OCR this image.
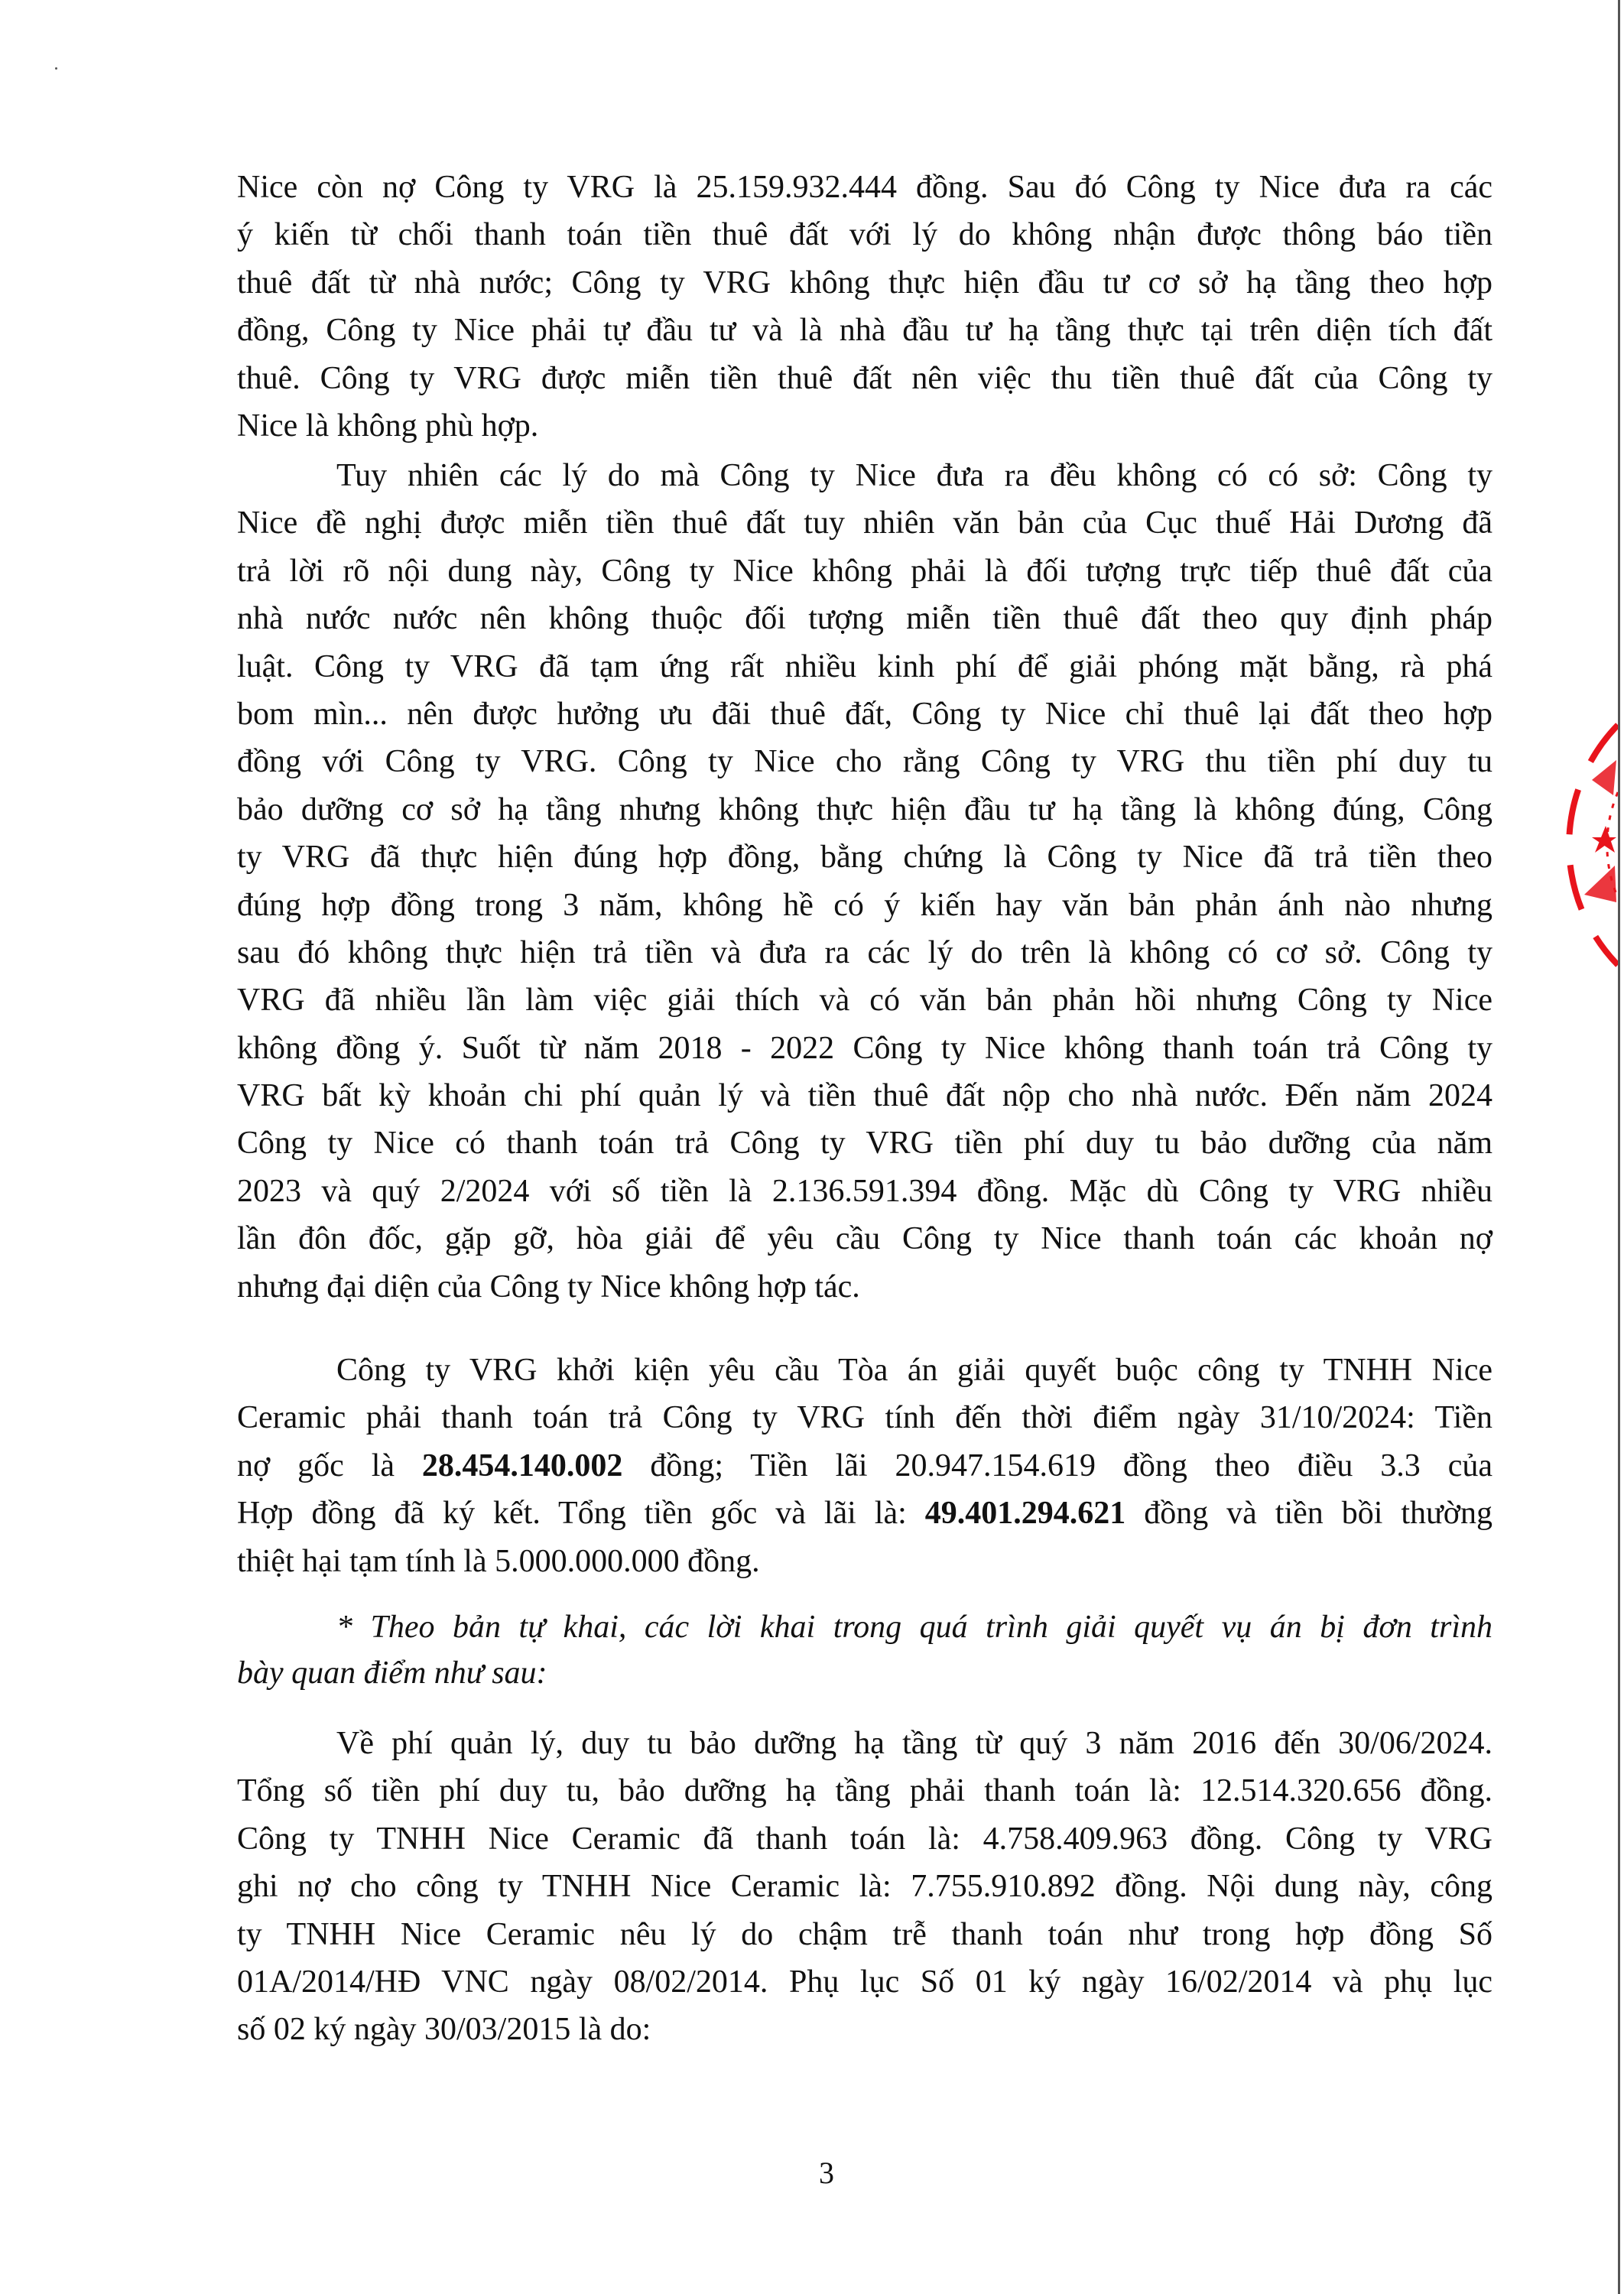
Nice còn nợ Công ty VRG là 25.159.932.444 đồng. Sau đó Công ty Nice đưa ra các
ý kiến từ chối thanh toán tiền thuê đất với lý do không nhận được thông báo tiền
thuê đất từ nhà nước; Công ty VRG không thực hiện đầu tư cơ sở hạ tầng theo hợp
đồng, Công ty Nice phải tự đầu tư và là nhà đầu tư hạ tầng thực tại trên diện tích đất
thuê. Công ty VRG được miễn tiền thuê đất nên việc thu tiền thuê đất của Công ty
Nice là không phù hợp.
Tuy nhiên các lý do mà Công ty Nice đưa ra đều không có có sở: Công ty
Nice đề nghị được miễn tiền thuê đất tuy nhiên văn bản của Cục thuế Hải Dương đã
trả lời rõ nội dung này, Công ty Nice không phải là đối tượng trực tiếp thuê đất của
nhà nước nước nên không thuộc đối tượng miễn tiền thuê đất theo quy định pháp
luật. Công ty VRG đã tạm ứng rất nhiều kinh phí để giải phóng mặt bằng, rà phá
bom mìn... nên được hưởng ưu đãi thuê đất, Công ty Nice chỉ thuê lại đất theo hợp
đồng với Công ty VRG. Công ty Nice cho rằng Công ty VRG thu tiền phí duy tu
bảo dưỡng cơ sở hạ tầng nhưng không thực hiện đầu tư hạ tầng là không đúng, Công
ty VRG đã thực hiện đúng hợp đồng, bằng chứng là Công ty Nice đã trả tiền theo
đúng hợp đồng trong 3 năm, không hề có ý kiến hay văn bản phản ánh nào nhưng
sau đó không thực hiện trả tiền và đưa ra các lý do trên là không có cơ sở. Công ty
VRG đã nhiều lần làm việc giải thích và có văn bản phản hồi nhưng Công ty Nice
không đồng ý. Suốt từ năm 2018 - 2022 Công ty Nice không thanh toán trả Công ty
VRG bất kỳ khoản chi phí quản lý và tiền thuê đất nộp cho nhà nước. Đến năm 2024
Công ty Nice có thanh toán trả Công ty VRG tiền phí duy tu bảo dưỡng của năm
2023 và quý 2/2024 với số tiền là 2.136.591.394 đồng. Mặc dù Công ty VRG nhiều
lần đôn đốc, gặp gỡ, hòa giải để yêu cầu Công ty Nice thanh toán các khoản nợ
nhưng đại diện của Công ty Nice không hợp tác.
Công ty VRG khởi kiện yêu cầu Tòa án giải quyết buộc công ty TNHH Nice
Ceramic phải thanh toán trả Công ty VRG tính đến thời điểm ngày 31/10/2024: Tiền
nợ gốc là 28.454.140.002 đồng; Tiền lãi 20.947.154.619 đồng theo điều 3.3 của
Hợp đồng đã ký kết. Tổng tiền gốc và lãi là: 49.401.294.621 đồng và tiền bồi thường
thiệt hại tạm tính là 5.000.000.000 đồng.
* Theo bản tự khai, các lời khai trong quá trình giải quyết vụ án bị đơn trình
bày quan điểm như sau:
Về phí quản lý, duy tu bảo dưỡng hạ tầng từ quý 3 năm 2016 đến 30/06/2024.
Tổng số tiền phí duy tu, bảo dưỡng hạ tầng phải thanh toán là: 12.514.320.656 đồng.
Công ty TNHH Nice Ceramic đã thanh toán là: 4.758.409.963 đồng. Công ty VRG
ghi nợ cho công ty TNHH Nice Ceramic là: 7.755.910.892 đồng. Nội dung này, công
ty TNHH Nice Ceramic nêu lý do chậm trễ thanh toán như trong hợp đồng Số
01A/2014/HĐ VNC ngày 08/02/2014. Phụ lục Số 01 ký ngày 16/02/2014 và phụ lục
số 02 ký ngày 30/03/2015 là do:
3
